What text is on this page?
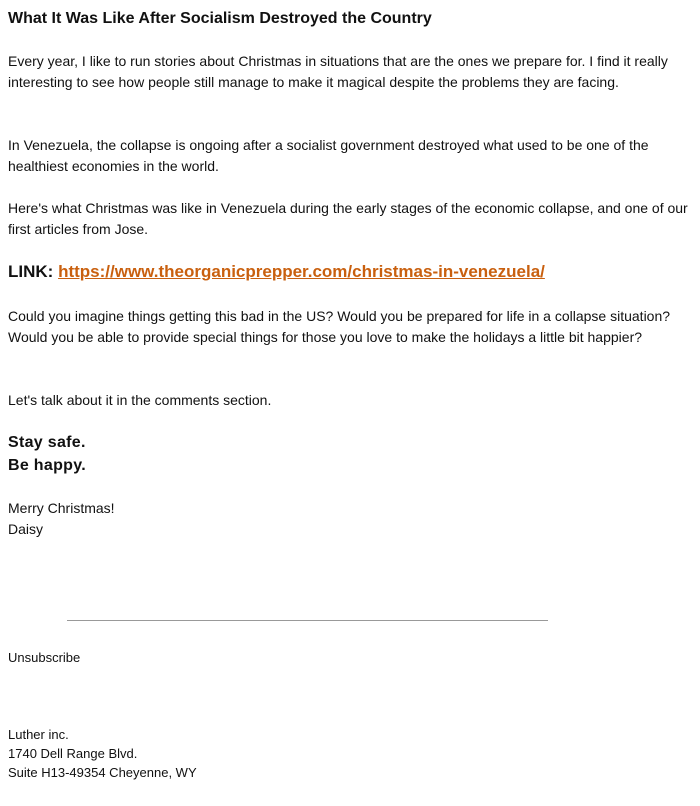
What It Was Like After Socialism Destroyed the Country

Every year, I like to run stories about Christmas in situations that are the ones we prepare for. I find it really interesting to see how people still manage to make it magical despite the problems they are facing.

In Venezuela, the collapse is ongoing after a socialist government destroyed what used to be one of the healthiest economies in the world.

Here's what Christmas was like in Venezuela during the early stages of the economic collapse, and one of our first articles from Jose.

LINK: https://www.theorganicprepper.com/christmas-in-venezuela/

Could you imagine things getting this bad in the US? Would you be prepared for life in a collapse situation? Would you be able to provide special things for those you love to make the holidays a little bit happier?

Let's talk about it in the comments section.

Stay safe.
Be happy.
Merry Christmas!
Daisy
Unsubscribe
Luther inc.
1740 Dell Range Blvd.
Suite H13-49354 Cheyenne, WY
